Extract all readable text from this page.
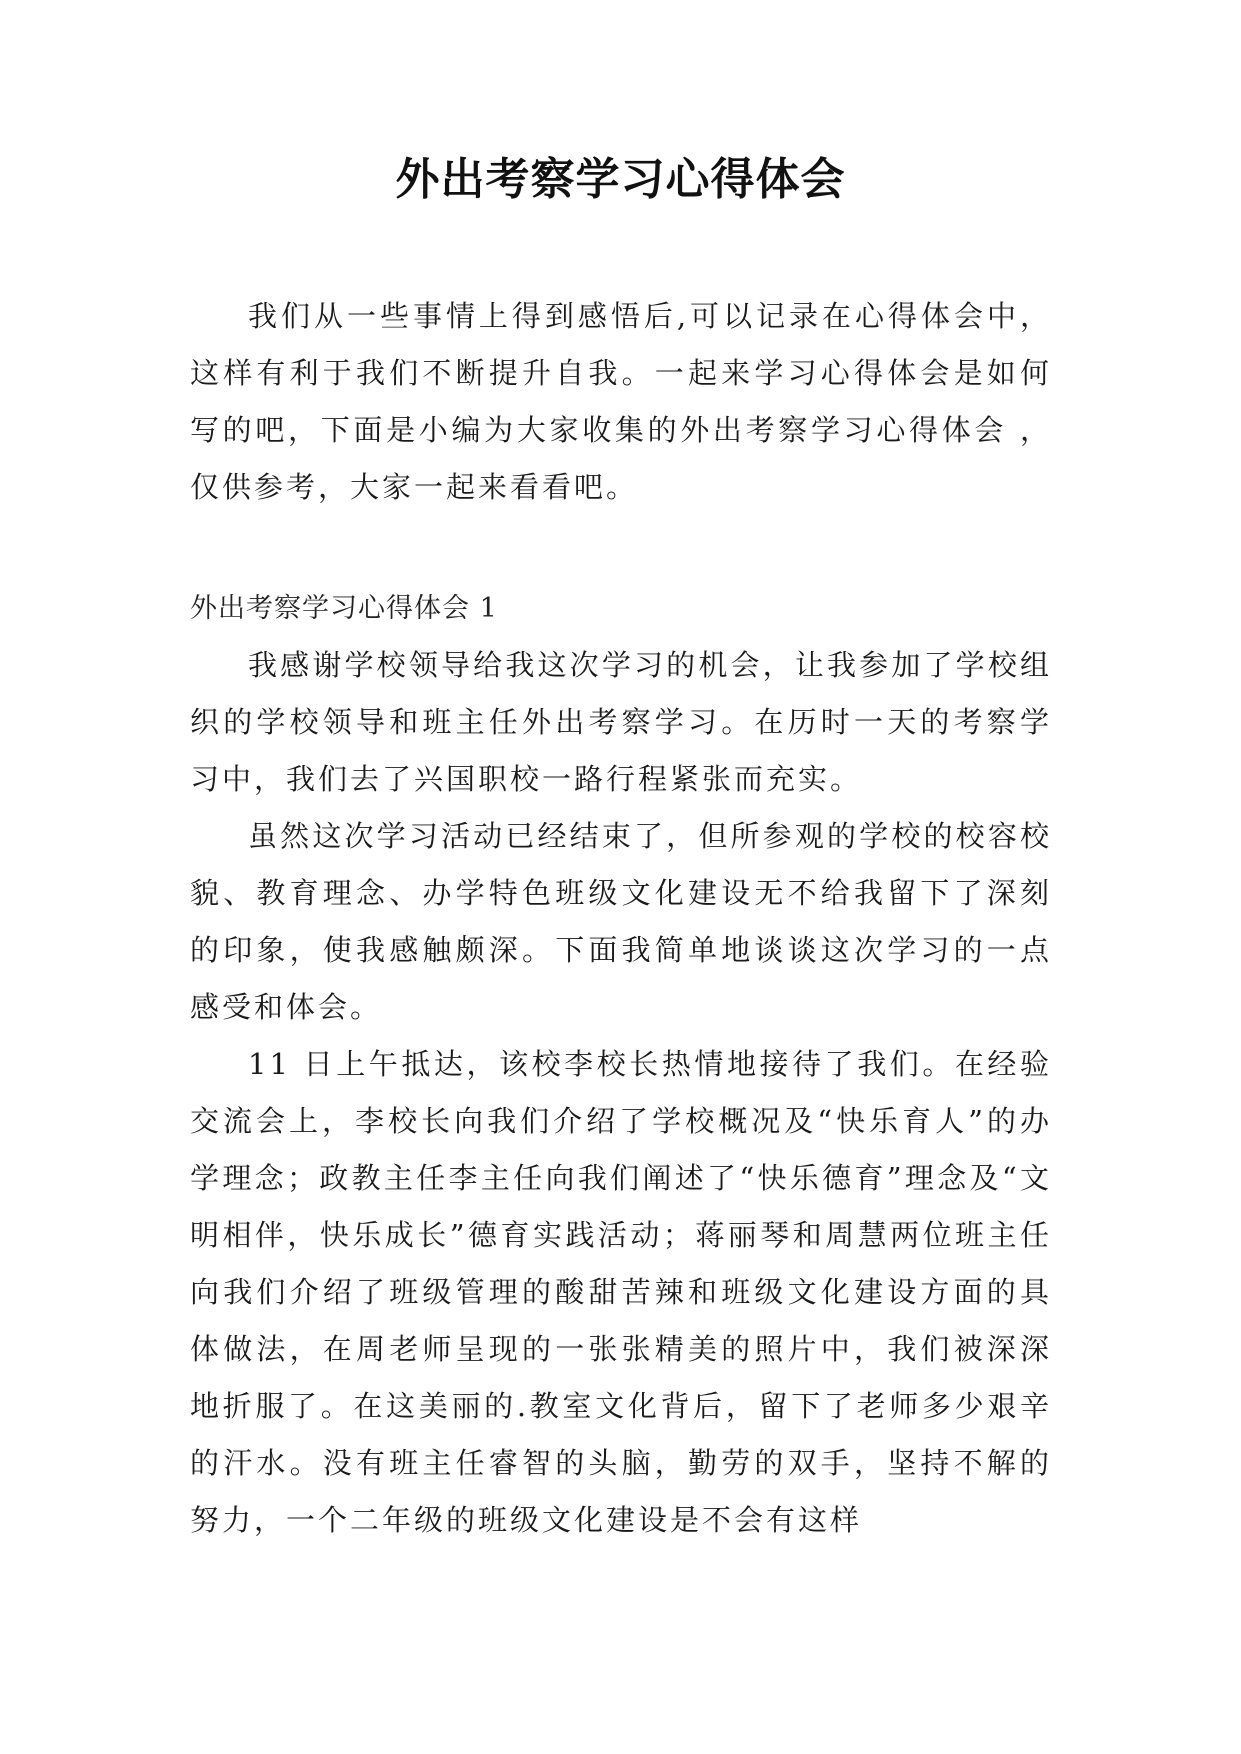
外出考察学习心得体会

我们从一些事情上得到感悟后,可以记录在心得体会中，这样有利于我们不断提升自我。一起来学习心得体会是如何写的吧，下面是小编为大家收集的外出考察学习心得体会 ，仅供参考，大家一起来看看吧。

外出考察学习心得体会 1

我感谢学校领导给我这次学习的机会，让我参加了学校组织的学校领导和班主任外出考察学习。在历时一天的考察学习中，我们去了兴国职校一路行程紧张而充实。

虽然这次学习活动已经结束了，但所参观的学校的校容校貌、教育理念、办学特色班级文化建设无不给我留下了深刻的印象，使我感触颇深。下面我简单地谈谈这次学习的一点感受和体会。

11 日上午抵达，该校李校长热情地接待了我们。在经验交流会上，李校长向我们介绍了学校概况及“快乐育人”的办学理念；政教主任李主任向我们阐述了“快乐德育”理念及“文明相伴，快乐成长”德育实践活动；蒋丽琴和周慧两位班主任向我们介绍了班级管理的酸甜苦辣和班级文化建设方面的具体做法，在周老师呈现的一张张精美的照片中，我们被深深地折服了。在这美丽的.教室文化背后，留下了老师多少艰辛的汗水。没有班主任睿智的头脑，勤劳的双手，坚持不解的努力，一个二年级的班级文化建设是不会有这样
